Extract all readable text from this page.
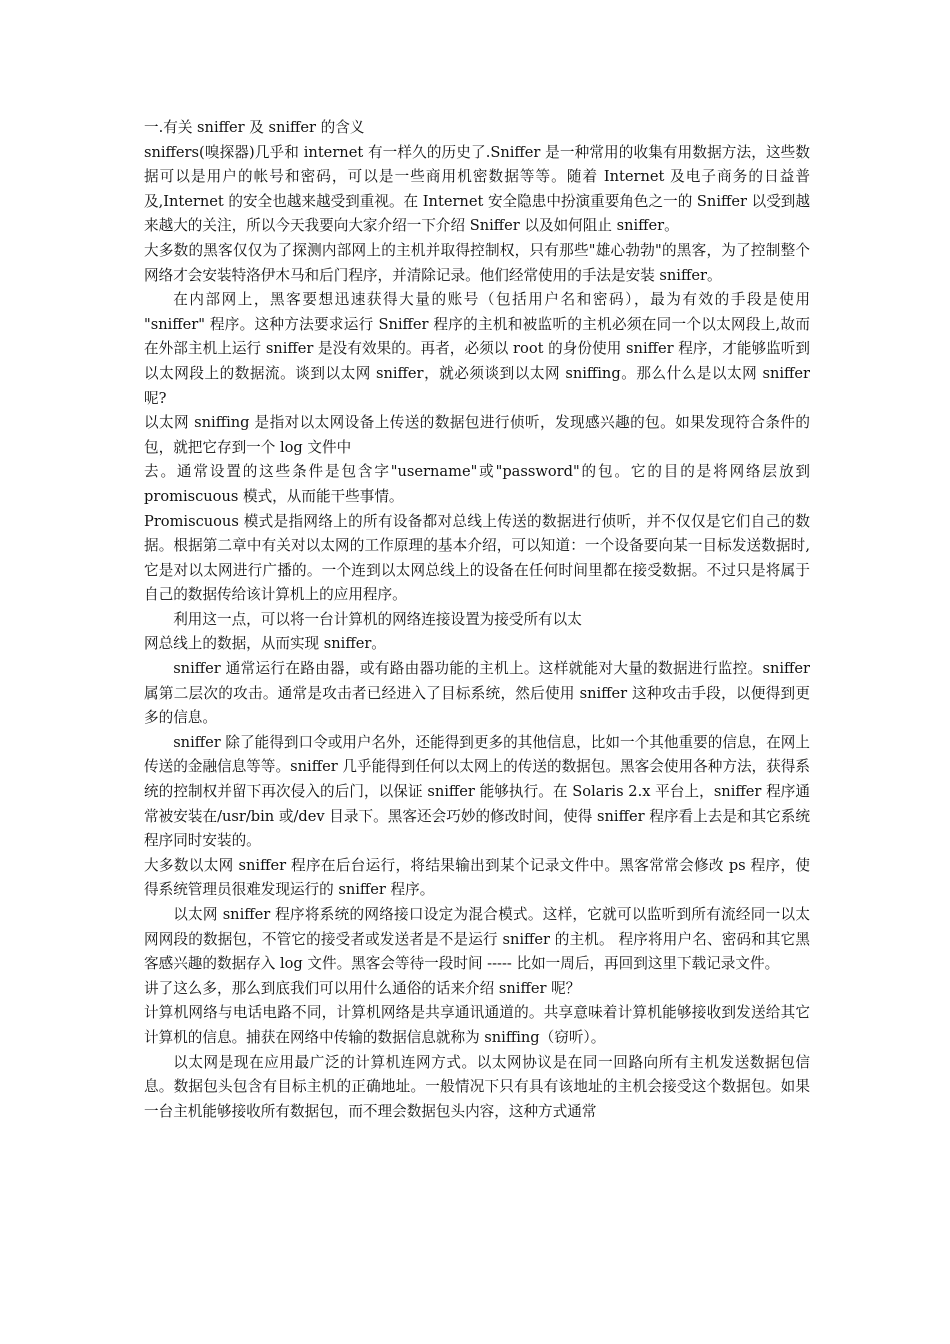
一.有关 sniffer 及 sniffer 的含义

sniffers(嗅探器)几乎和 internet 有一样久的历史了.Sniffer 是一种常用的收集有用数据方法，这些数据可以是用户的帐号和密码，可以是一些商用机密数据等等。随着 Internet 及电子商务的日益普及,Internet 的安全也越来越受到重视。在 Internet 安全隐患中扮演重要角色之一的 Sniffer 以受到越来越大的关注，所以今天我要向大家介绍一下介绍 Sniffer 以及如何阻止 sniffer。

大多数的黑客仅仅为了探测内部网上的主机并取得控制权，只有那些"雄心勃勃"的黑客，为了控制整个网络才会安装特洛伊木马和后门程序，并清除记录。他们经常使用的手法是安装 sniffer。

在内部网上，黑客要想迅速获得大量的账号（包括用户名和密码），最为有效的手段是使用 "sniffer" 程序。这种方法要求运行 Sniffer 程序的主机和被监听的主机必须在同一个以太网段上,故而在外部主机上运行 sniffer 是没有效果的。再者，必须以 root 的身份使用 sniffer 程序，才能够监听到以太网段上的数据流。谈到以太网 sniffer，就必须谈到以太网 sniffing。那么什么是以太网 sniffer 呢?

以太网 sniffing 是指对以太网设备上传送的数据包进行侦听，发现感兴趣的包。如果发现符合条件的包，就把它存到一个 log 文件中

去。通常设置的这些条件是包含字"username"或"password"的包。它的目的是将网络层放到 promiscuous 模式，从而能干些事情。

Promiscuous 模式是指网络上的所有设备都对总线上传送的数据进行侦听，并不仅仅是它们自己的数据。根据第二章中有关对以太网的工作原理的基本介绍，可以知道：一个设备要向某一目标发送数据时,它是对以太网进行广播的。一个连到以太网总线上的设备在任何时间里都在接受数据。不过只是将属于自己的数据传给该计算机上的应用程序。

利用这一点，可以将一台计算机的网络连接设置为接受所有以太

网总线上的数据，从而实现 sniffer。

sniffer 通常运行在路由器，或有路由器功能的主机上。这样就能对大量的数据进行监控。sniffer 属第二层次的攻击。通常是攻击者已经进入了目标系统，然后使用 sniffer 这种攻击手段，以便得到更多的信息。

sniffer 除了能得到口令或用户名外，还能得到更多的其他信息，比如一个其他重要的信息，在网上传送的金融信息等等。sniffer 几乎能得到任何以太网上的传送的数据包。黑客会使用各种方法，获得系统的控制权并留下再次侵入的后门，以保证 sniffer 能够执行。在 Solaris 2.x 平台上，sniffer 程序通常被安装在/usr/bin 或/dev 目录下。黑客还会巧妙的修改时间，使得 sniffer 程序看上去是和其它系统程序同时安装的。

大多数以太网 sniffer 程序在后台运行，将结果输出到某个记录文件中。黑客常常会修改 ps 程序，使得系统管理员很难发现运行的 sniffer 程序。

以太网 sniffer 程序将系统的网络接口设定为混合模式。这样，它就可以监听到所有流经同一以太网网段的数据包，不管它的接受者或发送者是不是运行 sniffer 的主机。 程序将用户名、密码和其它黑客感兴趣的数据存入 log 文件。黑客会等待一段时间 ----- 比如一周后，再回到这里下载记录文件。

讲了这么多，那么到底我们可以用什么通俗的话来介绍 sniffer 呢？

计算机网络与电话电路不同，计算机网络是共享通讯通道的。共享意味着计算机能够接收到发送给其它计算机的信息。捕获在网络中传输的数据信息就称为 sniffing（窃听）。

以太网是现在应用最广泛的计算机连网方式。以太网协议是在同一回路向所有主机发送数据包信息。数据包头包含有目标主机的正确地址。一般情况下只有具有该地址的主机会接受这个数据包。如果一台主机能够接收所有数据包，而不理会数据包头内容，这种方式通常
